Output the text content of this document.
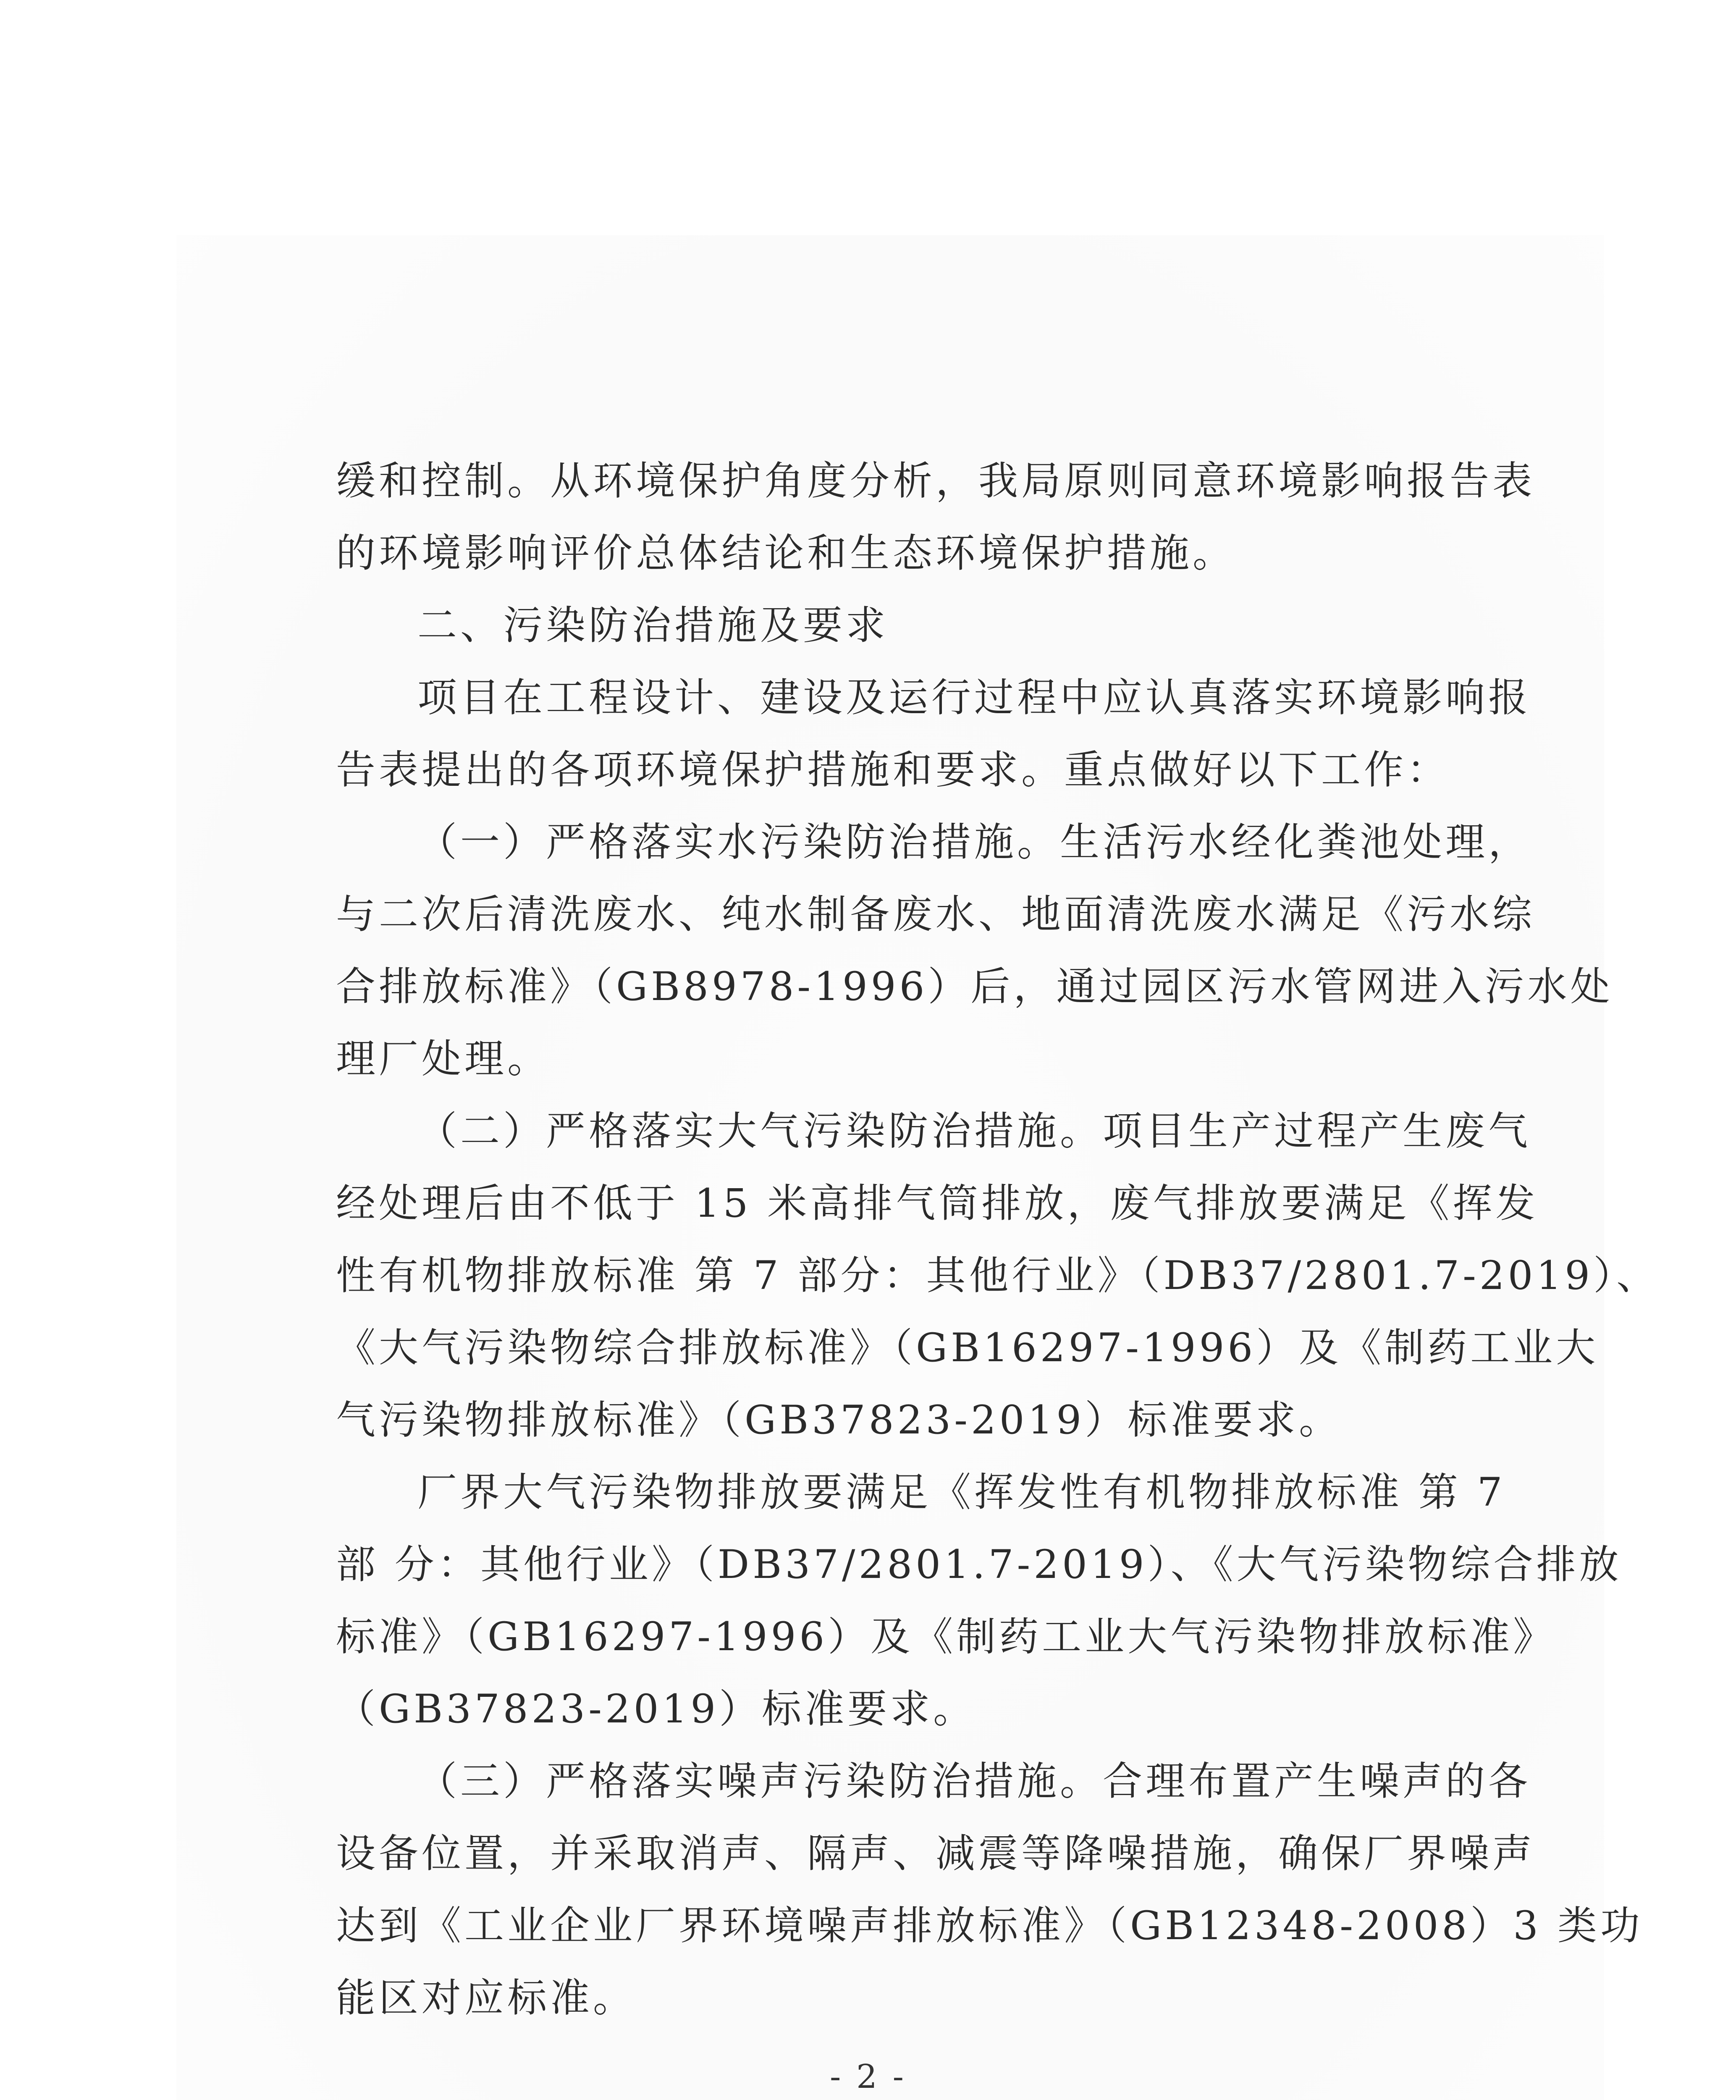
缓和控制。从环境保护角度分析，我局原则同意环境影响报告表
的环境影响评价总体结论和生态环境保护措施。
二、污染防治措施及要求
项目在工程设计、建设及运行过程中应认真落实环境影响报
告表提出的各项环境保护措施和要求。重点做好以下工作：
（一）严格落实水污染防治措施。生活污水经化粪池处理，
与二次后清洗废水、纯水制备废水、地面清洗废水满足《污水综
合排放标准》（GB8978-1996）后，通过园区污水管网进入污水处
理厂处理。
（二）严格落实大气污染防治措施。项目生产过程产生废气
经处理后由不低于 15 米高排气筒排放，废气排放要满足《挥发
性有机物排放标准 第 7 部分：其他行业》（DB37/2801.7-2019）、
《大气污染物综合排放标准》（GB16297-1996）及《制药工业大
气污染物排放标准》（GB37823-2019）标准要求。
厂界大气污染物排放要满足《挥发性有机物排放标准 第 7
部 分：其他行业》（DB37/2801.7-2019）、《大气污染物综合排放
标准》（GB16297-1996）及《制药工业大气污染物排放标准》
（GB37823-2019）标准要求。
（三）严格落实噪声污染防治措施。合理布置产生噪声的各
设备位置，并采取消声、隔声、减震等降噪措施，确保厂界噪声
达到《工业企业厂界环境噪声排放标准》（GB12348-2008）3 类功
能区对应标准。
- 2 -
